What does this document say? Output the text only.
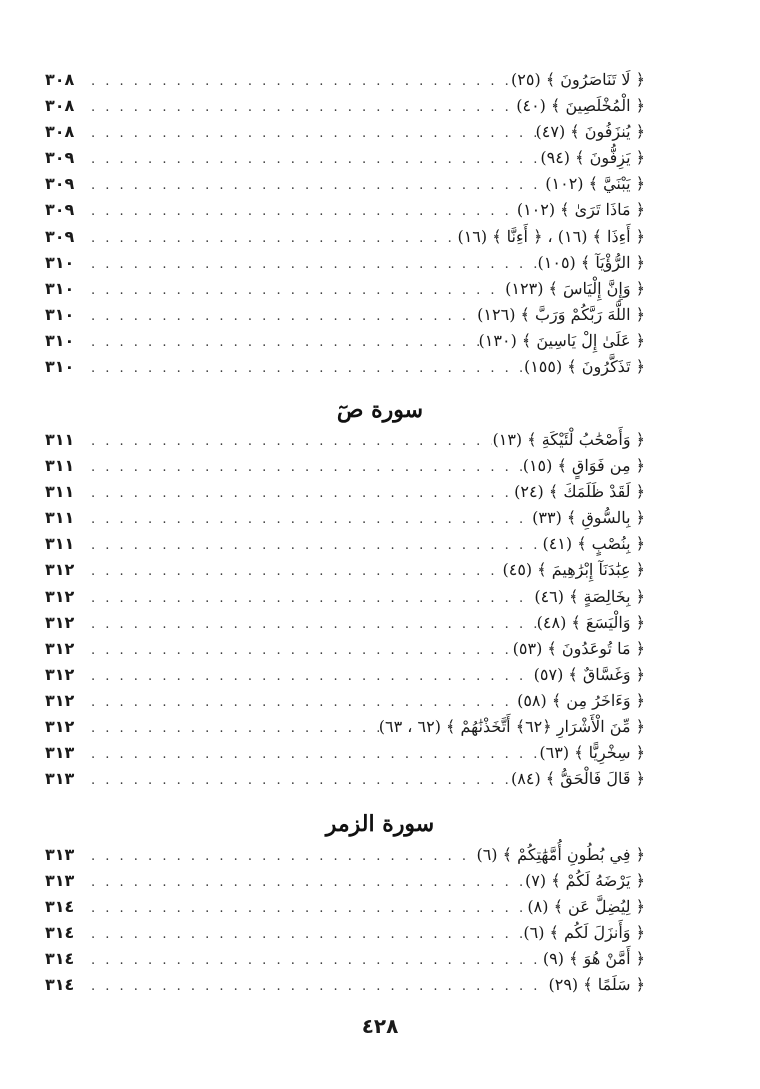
٣٠٨ . . .	﴿ لَا تَنَاصَرُونَ ﴾ (٢٥)
٣٠٨ . . .	﴿ الْمُخْلَصِينَ ﴾ (٤٠)
٣٠٨ . . .	﴿ يُنزَفُونَ ﴾ (٤٧)
٣٠٩ . . .	﴿ يَزِفُّونَ ﴾ (٩٤)
٣٠٩ . . .	﴿ يَبْنَيَّ ﴾ (١٠٢)
٣٠٩ . . .	﴿ مَاذَا تَرَىٰ ﴾ (١٠٢)
٣٠٩ . . .	﴿ أَءِذَا ﴾ (١٦) ، ﴿ أَءِنَّا ﴾ (١٦)
٣١٠ . . .	﴿ الرُّؤْيَآ ﴾ (١٠٥)
٣١٠ . . .	﴿ وَإِنَّ إِلْيَاسَ ﴾ (١٢٣)
٣١٠ . . .	﴿ اللَّهَ رَبَّكُمْ وَرَبَّ ﴾ (١٢٦)
٣١٠ . . .	﴿ عَلَىٰ إِلْ يَاسِينَ ﴾ (١٣٠)
٣١٠ . . .	﴿ تَذَكَّرُونَ ﴾ (١٥٥)
سورة صٓ
٣١١ . . .	﴿ وَأَصْحَٰبُ لْئَيْكَةِ ﴾ (١٣)
٣١١ . . .	﴿ مِن فَوَاقٍ ﴾ (١٥)
٣١١ . . .	﴿ لَقَدْ ظَلَمَكَ ﴾ (٢٤)
٣١١ . . .	﴿ بِالسُّوقِ ﴾ (٣٣)
٣١١ . . .	﴿ بِنُصْبٍ ﴾ (٤١)
٣١٢ . . .	﴿ عِبَٰدَنَآ إِبْرَٰهِيمَ ﴾ (٤٥)
٣١٢ . . .	﴿ بِخَالِصَةٍ ﴾ (٤٦)
٣١٢ . . .	﴿ وَالْيَسَعَ ﴾ (٤٨)
٣١٢ . . .	﴿ مَا تُوعَدُونَ ﴾ (٥٣)
٣١٢ . . .	﴿ وَغَسَّاقٌ ﴾ (٥٧)
٣١٢ . . .	﴿ وَءَاخَرُ مِن ﴾ (٥٨)
٣١٢ . . .	﴿ مِّنَ الْأَشْرَارِ ﴿٦٢﴾ أَتَّخَذْنَٰهُمْ ﴾ (٦٢ ، ٦٣)
٣١٣ . . .	﴿ سِخْرِيًّا ﴾ (٦٣)
٣١٣ . . .	﴿ قَالَ فَالْحَقُّ ﴾ (٨٤)
سورة الزمر
٣١٣ . . .	﴿ فِي بُطُونِ أُمَّهَٰتِكُمْ ﴾ (٦)
٣١٣ . . .	﴿ يَرْضَهُ لَكُمْ ﴾ (٧)
٣١٤ . . .	﴿ لِيُضِلَّ عَن ﴾ (٨)
٣١٤ . . .	﴿ وَأَنزَلَ لَكُم ﴾ (٦)
٣١٤ . . .	﴿ أَمَّنْ هُوَ ﴾ (٩)
٣١٤ . . .	﴿ سَلَمًا ﴾ (٢٩)
٤٢٨
